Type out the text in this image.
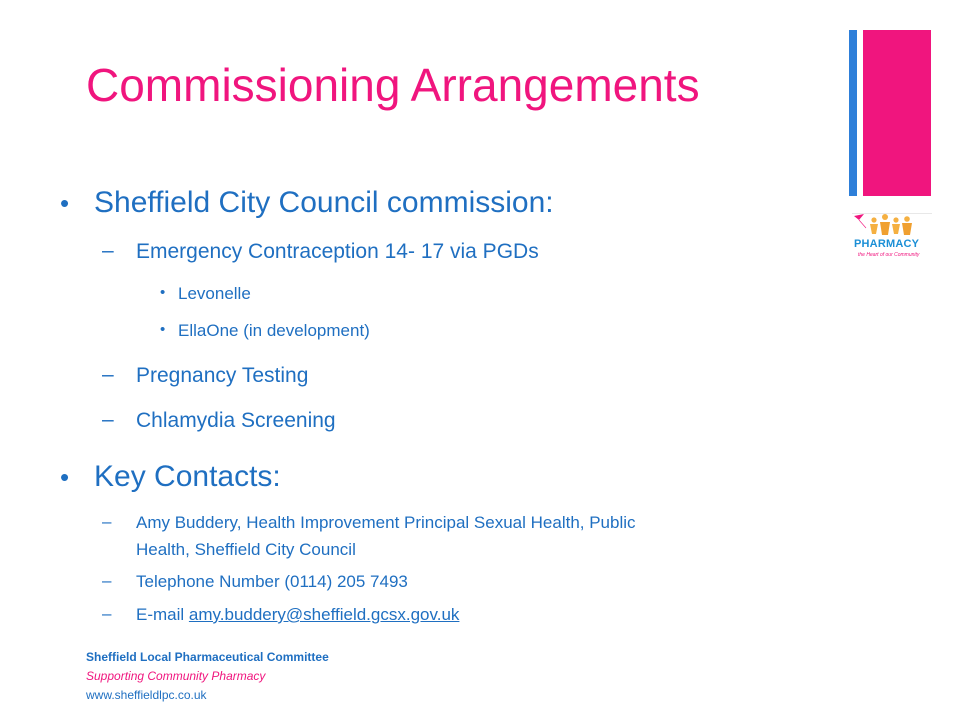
Commissioning Arrangements
PHARMACY
the Heart of our Community
• Sheffield City Council commission:
– Emergency Contraception 14- 17 via PGDs
• Levonelle
• EllaOne (in development)
– Pregnancy Testing
– Chlamydia Screening
• Key Contacts:
– Amy Buddery, Health Improvement Principal Sexual Health, Public
Health, Sheffield City Council
– Telephone Number (0114) 205 7493
– E-mail amy.buddery@sheffield.gcsx.gov.uk
Sheffield Local Pharmaceutical Committee
Supporting Community Pharmacy
www.sheffieldlpc.co.uk
